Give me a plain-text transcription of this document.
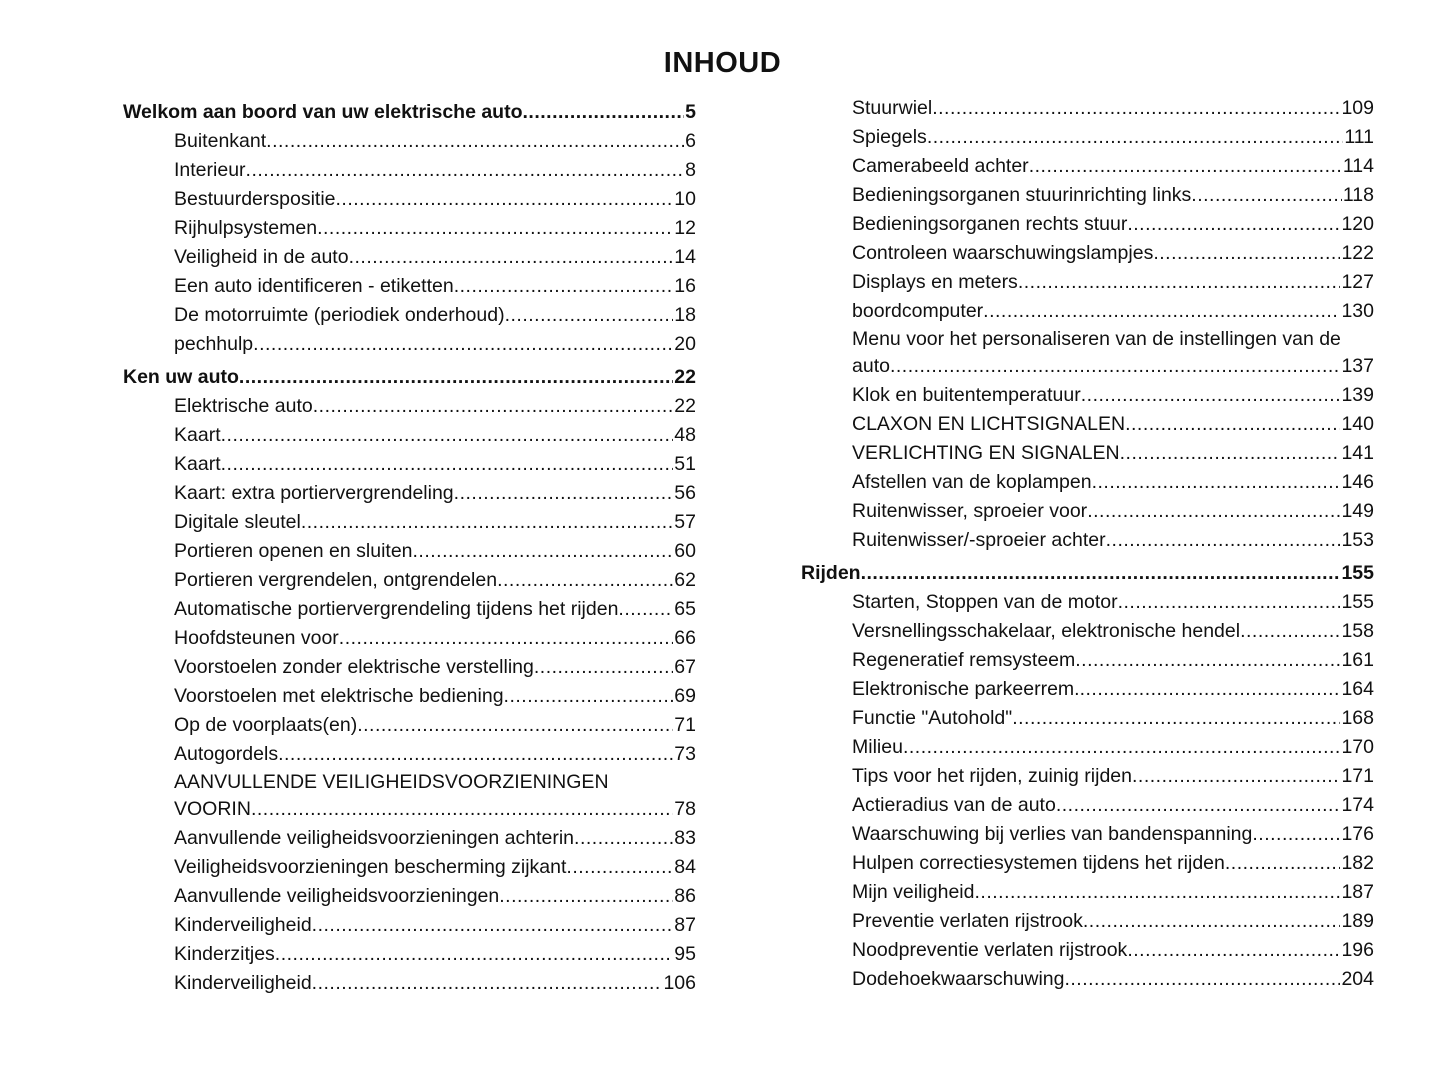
INHOUD
Welkom aan boord van uw elektrische auto .....	5
Buitenkant .....	6
Interieur .....	8
Bestuurderspositie .....	10
Rijhulpsystemen .....	12
Veiligheid in de auto .....	14
Een auto identificeren - etiketten .....	16
De motorruimte (periodiek onderhoud) .....	18
pechhulp .....	20
Ken uw auto .....	22
Elektrische auto .....	22
Kaart .....	48
Kaart .....	51
Kaart: extra portiervergrendeling .....	56
Digitale sleutel .....	57
Portieren openen en sluiten .....	60
Portieren vergrendelen, ontgrendelen .....	62
Automatische portiervergrendeling tijdens het rijden .....	65
Hoofdsteunen voor .....	66
Voorstoelen zonder elektrische verstelling .....	67
Voorstoelen met elektrische bediening .....	69
Op de voorplaats(en) .....	71
Autogordels .....	73
AANVULLENDE VEILIGHEIDSVOORZIENINGEN
VOORIN .....	78
Aanvullende veiligheidsvoorzieningen achterin .....	83
Veiligheidsvoorzieningen bescherming zijkant .....	84
Aanvullende veiligheidsvoorzieningen .....	86
Kinderveiligheid .....	87
Kinderzitjes .....	95
Kinderveiligheid .....	106
Stuurwiel .....	109
Spiegels .....	111
Camerabeeld achter .....	114
Bedieningsorganen stuurinrichting links .....	118
Bedieningsorganen rechts stuur .....	120
Controleen waarschuwingslampjes .....	122
Displays en meters .....	127
boordcomputer .....	130
Menu voor het personaliseren van de instellingen van de
auto .....	137
Klok en buitentemperatuur .....	139
CLAXON EN LICHTSIGNALEN .....	140
VERLICHTING EN SIGNALEN .....	141
Afstellen van de koplampen .....	146
Ruitenwisser, sproeier voor .....	149
Ruitenwisser/-sproeier achter .....	153
Rijden .....	155
Starten, Stoppen van de motor .....	155
Versnellingsschakelaar, elektronische hendel .....	158
Regeneratief remsysteem .....	161
Elektronische parkeerrem. .....	164
Functie "Autohold" .....	168
Milieu .....	170
Tips voor het rijden, zuinig rijden .....	171
Actieradius van de auto .....	174
Waarschuwing bij verlies van bandenspanning .....	176
Hulpen correctiesystemen tijdens het rijden .....	182
Mijn veiligheid .....	187
Preventie verlaten rijstrook .....	189
Noodpreventie verlaten rijstrook .....	196
Dodehoekwaarschuwing .....	204
